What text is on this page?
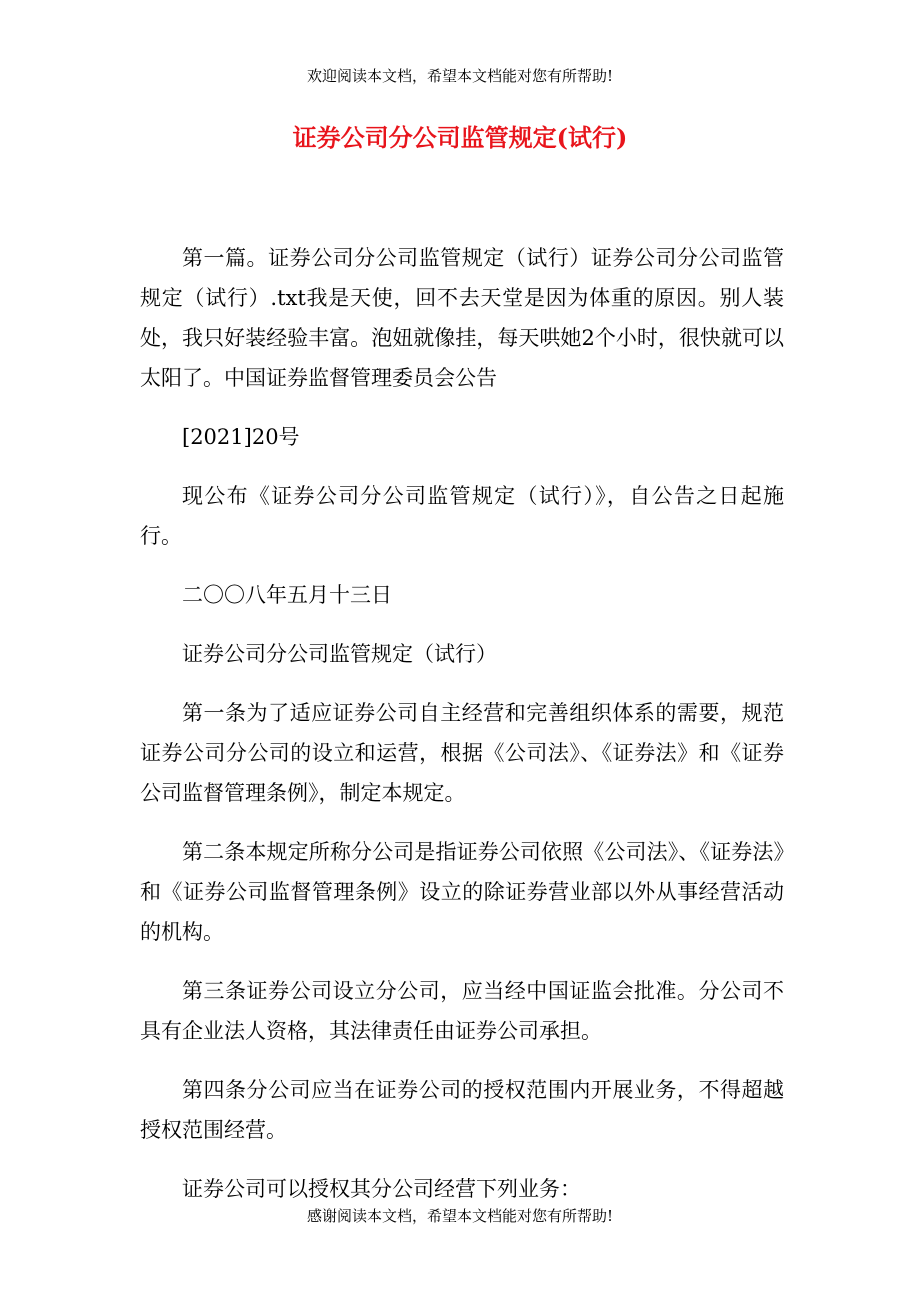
欢迎阅读本文档，希望本文档能对您有所帮助!
证券公司分公司监管规定(试行)

第一篇。证券公司分公司监管规定（试行）证券公司分公司监管规定（试行）.txt我是天使，回不去天堂是因为体重的原因。别人装处，我只好装经验丰富。泡妞就像挂，每天哄她2个小时，很快就可以太阳了。中国证券监督管理委员会公告

[2021]20号

现公布《证券公司分公司监管规定（试行）》，自公告之日起施行。

二〇〇八年五月十三日

证券公司分公司监管规定（试行）

第一条为了适应证券公司自主经营和完善组织体系的需要，规范证券公司分公司的设立和运营，根据《公司法》、《证券法》和《证券公司监督管理条例》，制定本规定。

第二条本规定所称分公司是指证券公司依照《公司法》、《证券法》和《证券公司监督管理条例》设立的除证券营业部以外从事经营活动的机构。

第三条证券公司设立分公司，应当经中国证监会批准。分公司不具有企业法人资格，其法律责任由证券公司承担。

第四条分公司应当在证券公司的授权范围内开展业务，不得超越授权范围经营。

证券公司可以授权其分公司经营下列业务：

感谢阅读本文档，希望本文档能对您有所帮助!
